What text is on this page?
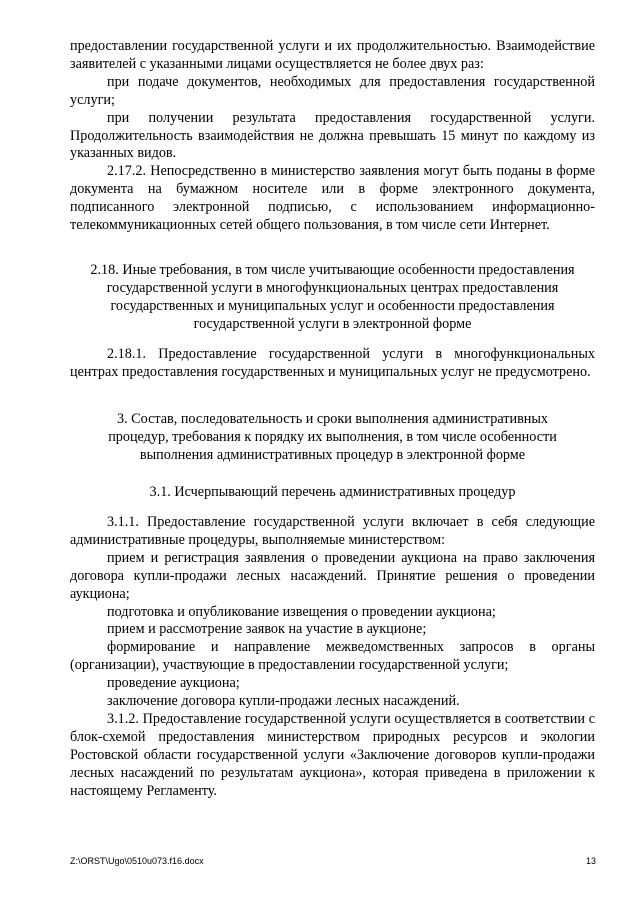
предоставлении государственной услуги и их продолжительностью. Взаимодействие заявителей с указанными лицами осуществляется не более двух раз:

при подаче документов, необходимых для предоставления государственной услуги;

при получении результата предоставления государственной услуги. Продолжительность взаимодействия не должна превышать 15 минут по каждому из указанных видов.

2.17.2. Непосредственно в министерство заявления могут быть поданы в форме документа на бумажном носителе или в форме электронного документа, подписанного электронной подписью, с использованием информационно-телекоммуникационных сетей общего пользования, в том числе сети Интернет.

2.18. Иные требования, в том числе учитывающие особенности предоставления государственной услуги в многофункциональных центрах предоставления государственных и муниципальных услуг и особенности предоставления государственной услуги в электронной форме

2.18.1. Предоставление государственной услуги в многофункциональных центрах предоставления государственных и муниципальных услуг не предусмотрено.

3. Состав, последовательность и сроки выполнения административных процедур, требования к порядку их выполнения, в том числе особенности выполнения административных процедур в электронной форме

3.1. Исчерпывающий перечень административных процедур

3.1.1. Предоставление государственной услуги включает в себя следующие административные процедуры, выполняемые министерством:

прием и регистрация заявления о проведении аукциона на право заключения договора купли-продажи лесных насаждений. Принятие решения о проведении аукциона;

подготовка и опубликование извещения о проведении аукциона;

прием и рассмотрение заявок на участие в аукционе;

формирование и направление межведомственных запросов в органы (организации), участвующие в предоставлении государственной услуги;

проведение аукциона;

заключение договора купли-продажи лесных насаждений.

3.1.2. Предоставление государственной услуги осуществляется в соответствии с блок-схемой предоставления министерством природных ресурсов и экологии Ростовской области государственной услуги «Заключение договоров купли-продажи лесных насаждений по результатам аукциона», которая приведена в приложении к настоящему Регламенту.

Z:\ORST\Ugo\0510u073.f16.docx	13
